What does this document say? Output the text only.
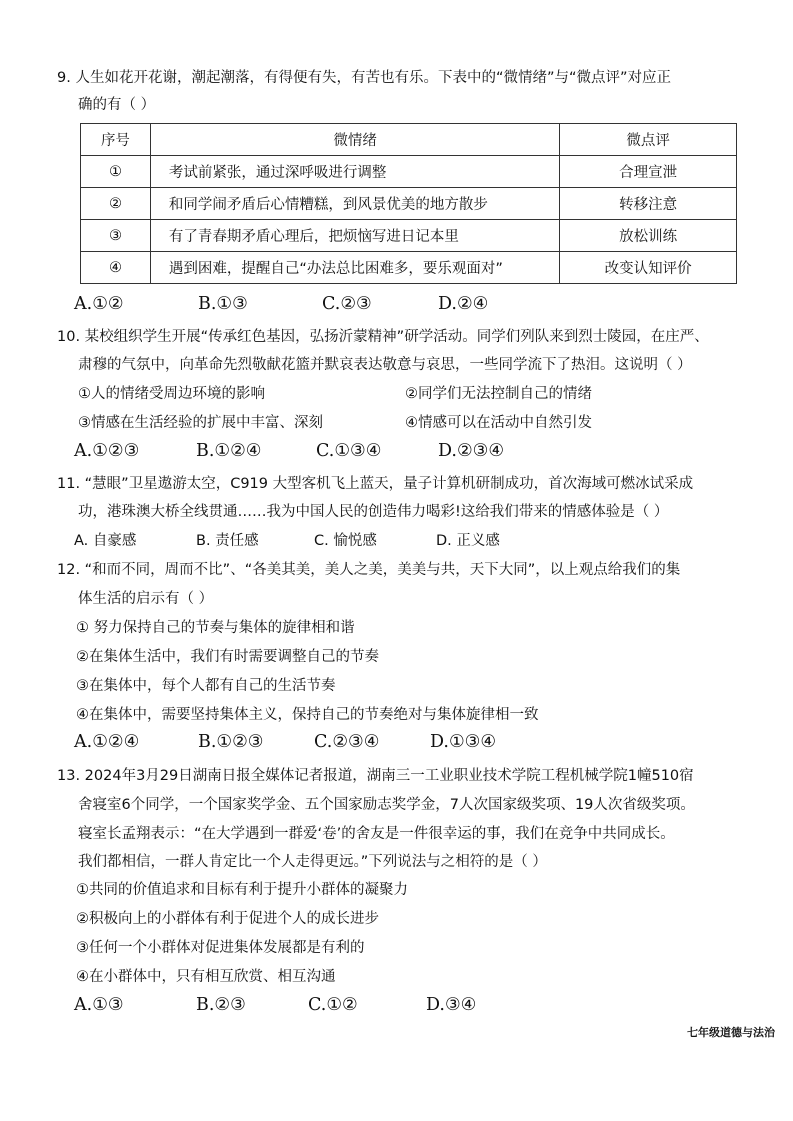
9. 人生如花开花谢，潮起潮落，有得便有失，有苦也有乐。下表中的“微情绪”与“微点评”对应正
确的有（ ）
序号	微情绪	微点评
①	考试前紧张，通过深呼吸进行调整	合理宣泄
②	和同学闹矛盾后心情糟糕，到风景优美的地方散步	转移注意
③	有了青春期矛盾心理后，把烦恼写进日记本里	放松训练
④	遇到困难，提醒自己“办法总比困难多，要乐观面对”	改变认知评价
A.①②	B.①③	C.②③	D.②④
10. 某校组织学生开展“传承红色基因，弘扬沂蒙精神”研学活动。同学们列队来到烈士陵园，在庄严、
肃穆的气氛中，向革命先烈敬献花篮并默哀表达敬意与哀思，一些同学流下了热泪。这说明（ ）
①人的情绪受周边环境的影响	②同学们无法控制自己的情绪
③情感在生活经验的扩展中丰富、深刻	④情感可以在活动中自然引发
A.①②③	B.①②④	C.①③④	D.②③④
11. “慧眼”卫星遨游太空，C919 大型客机飞上蓝天，量子计算机研制成功，首次海域可燃冰试采成
功，港珠澳大桥全线贯通……我为中国人民的创造伟力喝彩!这给我们带来的情感体验是（ ）
A. 自豪感	B. 责任感	C. 愉悦感	D. 正义感
12. “和而不同，周而不比”、“各美其美，美人之美，美美与共，天下大同”，以上观点给我们的集
体生活的启示有（ ）
① 努力保持自己的节奏与集体的旋律相和谐
②在集体生活中，我们有时需要调整自己的节奏
③在集体中，每个人都有自己的生活节奏
④在集体中，需要坚持集体主义，保持自己的节奏绝对与集体旋律相一致
A.①②④	B.①②③	C.②③④	D.①③④
13. 2024年3月29日湖南日报全媒体记者报道，湖南三一工业职业技术学院工程机械学院1幢510宿
舍寝室6个同学，一个国家奖学金、五个国家励志奖学金，7人次国家级奖项、19人次省级奖项。
寝室长孟翔表示：“在大学遇到一群爱‘卷’的舍友是一件很幸运的事，我们在竞争中共同成长。
我们都相信，一群人肯定比一个人走得更远。”下列说法与之相符的是（ ）
①共同的价值追求和目标有利于提升小群体的凝聚力
②积极向上的小群体有利于促进个人的成长进步
③任何一个小群体对促进集体发展都是有利的
④在小群体中，只有相互欣赏、相互沟通
A.①③	B.②③	C.①②	D.③④
七年级道德与法治
